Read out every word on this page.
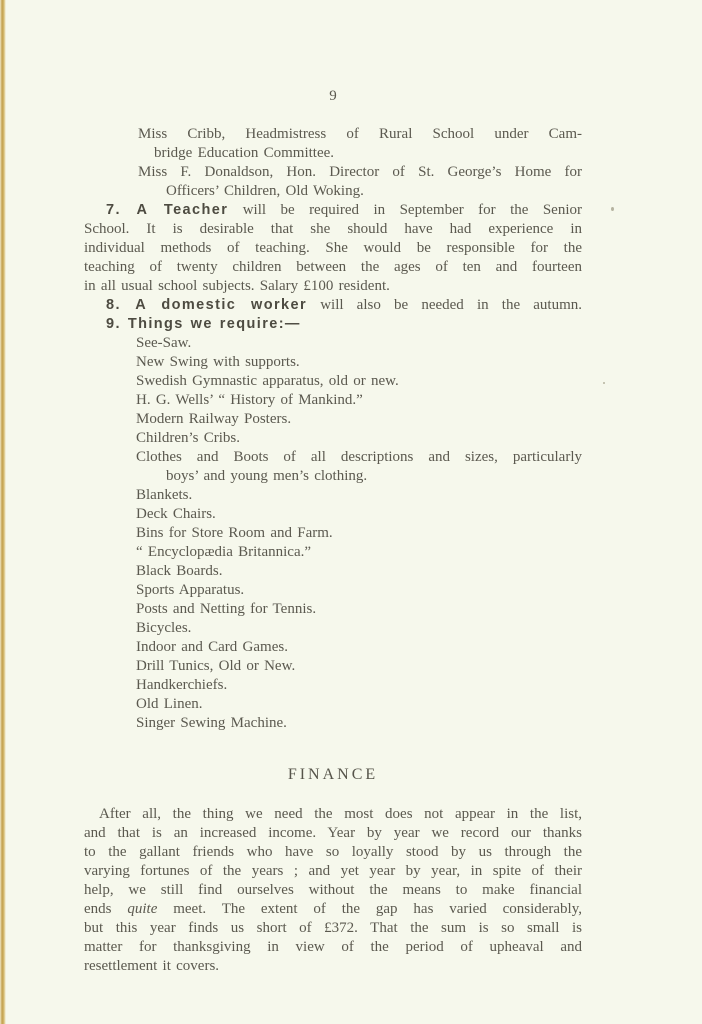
9
Miss Cribb, Headmistress of Rural School under Cam-
bridge Education Committee.
Miss F. Donaldson, Hon. Director of St. George’s Home for
Officers’ Children, Old Woking.
7. A Teacher will be required in September for the Senior
School. It is desirable that she should have had experience in
individual methods of teaching. She would be responsible for the
teaching of twenty children between the ages of ten and fourteen
in all usual school subjects. Salary £100 resident.
8. A domestic worker will also be needed in the autumn.
9. Things we require:—
See-Saw.
New Swing with supports.
Swedish Gymnastic apparatus, old or new.
H. G. Wells’ “ History of Mankind.”
Modern Railway Posters.
Children’s Cribs.
Clothes and Boots of all descriptions and sizes, particularly
boys’ and young men’s clothing.
Blankets.
Deck Chairs.
Bins for Store Room and Farm.
“ Encyclopædia Britannica.”
Black Boards.
Sports Apparatus.
Posts and Netting for Tennis.
Bicycles.
Indoor and Card Games.
Drill Tunics, Old or New.
Handkerchiefs.
Old Linen.
Singer Sewing Machine.
FINANCE
After all, the thing we need the most does not appear in the list,
and that is an increased income. Year by year we record our thanks
to the gallant friends who have so loyally stood by us through the
varying fortunes of the years ; and yet year by year, in spite of their
help, we still find ourselves without the means to make financial
ends quite meet. The extent of the gap has varied considerably,
but this year finds us short of £372. That the sum is so small is
matter for thanksgiving in view of the period of upheaval and
resettlement it covers.
